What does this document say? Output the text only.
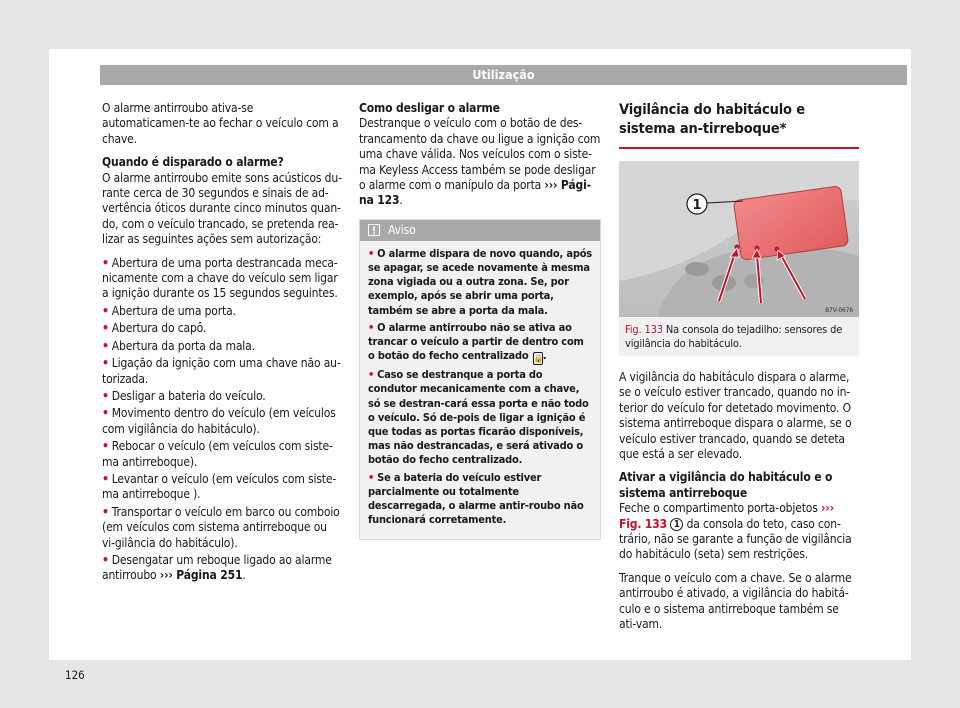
Utilização

O alarme antirroubo ativa-se automaticamen-te ao fechar o veículo com a chave.

Quando é disparado o alarme?

O alarme antirroubo emite sons acústicos du-rante cerca de 30 segundos e sinais de ad-vertência óticos durante cinco minutos quan-do, com o veículo trancado, se pretenda rea-lizar as seguintes ações sem autorização:

• Abertura de uma porta destrancada meca-nicamente com a chave do veículo sem ligar a ignição durante os 15 segundos seguintes.
• Abertura de uma porta.
• Abertura do capô.
• Abertura da porta da mala.
• Ligação da ignição com uma chave não au-torizada.
• Desligar a bateria do veículo.
• Movimento dentro do veículo (em veículos com vigilância do habitáculo).
• Rebocar o veículo (em veículos com siste-ma antirreboque).
• Levantar o veículo (em veículos com siste-ma antirreboque ).
• Transportar o veículo em barco ou comboio (em veículos com sistema antirreboque ou vi-gilância do habitáculo).
• Desengatar um reboque ligado ao alarme antirroubo ››› Página 251.
Como desligar o alarme

Destranque o veículo com o botão de des-trancamento da chave ou ligue a ignição com uma chave válida. Nos veículos com o siste-ma Keyless Access também se pode desligar o alarme com o manípulo da porta ››› Pági-na 123.

Aviso
• O alarme dispara de novo quando, após se apagar, se acede novamente à mesma zona vigiada ou a outra zona. Se, por exemplo, após se abrir uma porta, também se abre a porta da mala.
• O alarme antirroubo não se ativa ao trancar o veículo a partir de dentro com o botão do fecho centralizado 🔒.
• Caso se destranque a porta do condutor mecanicamente com a chave, só se destran-cará essa porta e não todo o veículo. Só de-pois de ligar a ignição é que todas as portas ficarão disponíveis, mas não destrancadas, e será ativado o botão do fecho centralizado.
• Se a bateria do veículo estiver parcialmente ou totalmente descarregada, o alarme antir-roubo não funcionará corretamente.
Vigilância do habitáculo e sistema an-tirreboque*
1
B7V-0676
Fig. 133 Na consola do tejadilho: sensores de vigilância do habitáculo.

A vigilância do habitáculo dispara o alarme, se o veículo estiver trancado, quando no in-terior do veículo for detetado movimento. O sistema antirreboque dispara o alarme, se o veículo estiver trancado, quando se deteta que está a ser elevado.

Ativar a vigilância do habitáculo e o sistema antirreboque

Feche o compartimento porta-objetos ››› Fig. 133 1 da consola do teto, caso con-trário, não se garante a função de vigilância do habitáculo (seta) sem restrições.

Tranque o veículo com a chave. Se o alarme antirroubo é ativado, a vigilância do habitá-culo e o sistema antirreboque também se ati-vam.

126
